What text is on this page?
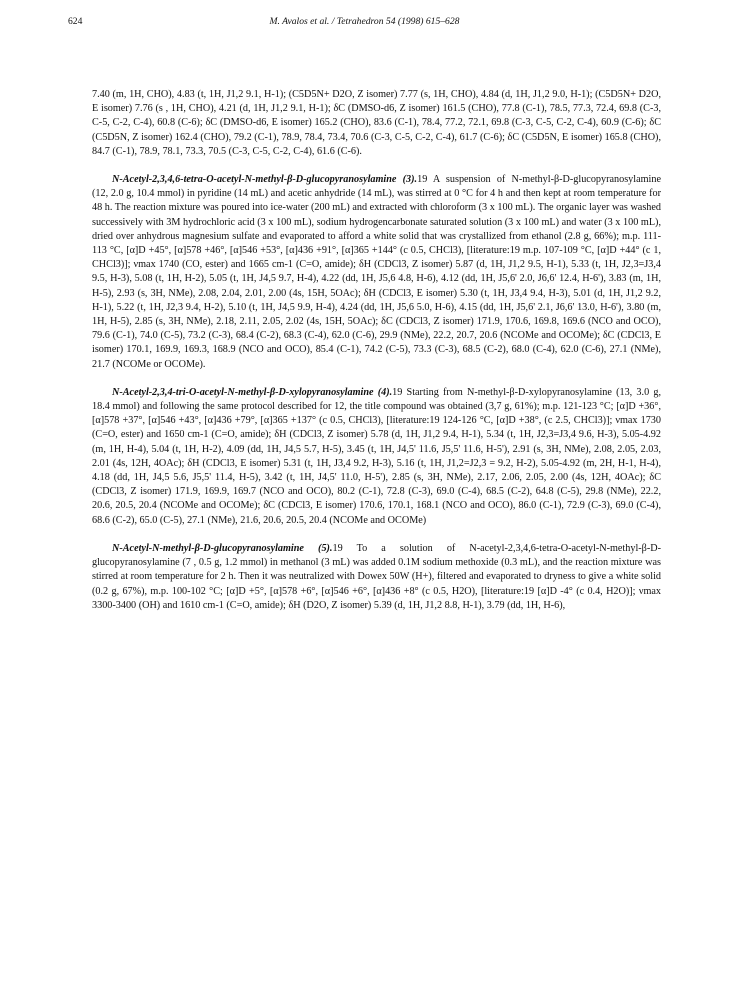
624	M. Avalos et al. / Tetrahedron 54 (1998) 615–628

7.40 (m, 1H, CHO), 4.83 (t, 1H, J1,2 9.1, H-1); (C5D5N+ D2O, Z isomer) 7.77 (s, 1H, CHO), 4.84 (d, 1H, J1,2 9.0, H-1); (C5D5N+ D2O, E isomer) 7.76 (s , 1H, CHO), 4.21 (d, 1H, J1,2 9.1, H-1); δC (DMSO-d6, Z isomer) 161.5 (CHO), 77.8 (C-1), 78.5, 77.3, 72.4, 69.8 (C-3, C-5, C-2, C-4), 60.8 (C-6); δC (DMSO-d6, E isomer) 165.2 (CHO), 83.6 (C-1), 78.4, 77.2, 72.1, 69.8 (C-3, C-5, C-2, C-4), 60.9 (C-6); δC (C5D5N, Z isomer) 162.4 (CHO), 79.2 (C-1), 78.9, 78.4, 73.4, 70.6 (C-3, C-5, C-2, C-4), 61.7 (C-6); δC (C5D5N, E isomer) 165.8 (CHO), 84.7 (C-1), 78.9, 78.1, 73.3, 70.5 (C-3, C-5, C-2, C-4), 61.6 (C-6).

N-Acetyl-2,3,4,6-tetra-O-acetyl-N-methyl-β-D-glucopyranosylamine (3).19 A suspension of N-methyl-β-D-glucopyranosylamine (12, 2.0 g, 10.4 mmol) in pyridine (14 mL) and acetic anhydride (14 mL), was stirred at 0 °C for 4 h and then kept at room temperature for 48 h. The reaction mixture was poured into ice-water (200 mL) and extracted with chloroform (3 x 100 mL). The organic layer was washed successively with 3M hydrochloric acid (3 x 100 mL), sodium hydrogencarbonate saturated solution (3 x 100 mL) and water (3 x 100 mL), dried over anhydrous magnesium sulfate and evaporated to afford a white solid that was crystallized from ethanol (2.8 g, 66%); m.p. 111-113 °C, [α]D +45°, [α]578 +46°, [α]546 +53°, [α]436 +91°, [α]365 +144° (c 0.5, CHCl3), [literature:19 m.p. 107-109 °C, [α]D +44° (c 1, CHCl3)]; νmax 1740 (CO, ester) and 1665 cm-1 (C=O, amide); δH (CDCl3, Z isomer) 5.87 (d, 1H, J1,2 9.5, H-1), 5.33 (t, 1H, J2,3=J3,4 9.5, H-3), 5.08 (t, 1H, H-2), 5.05 (t, 1H, J4,5 9.7, H-4), 4.22 (dd, 1H, J5,6 4.8, H-6), 4.12 (dd, 1H, J5,6' 2.0, J6,6' 12.4, H-6'), 3.83 (m, 1H, H-5), 2.93 (s, 3H, NMe), 2.08, 2.04, 2.01, 2.00 (4s, 15H, 5OAc); δH (CDCl3, E isomer) 5.30 (t, 1H, J3,4 9.4, H-3), 5.01 (d, 1H, J1,2 9.2, H-1), 5.22 (t, 1H, J2,3 9.4, H-2), 5.10 (t, 1H, J4,5 9.9, H-4), 4.24 (dd, 1H, J5,6 5.0, H-6), 4.15 (dd, 1H, J5,6' 2.1, J6,6' 13.0, H-6'), 3.80 (m, 1H, H-5), 2.85 (s, 3H, NMe), 2.18, 2.11, 2.05, 2.02 (4s, 15H, 5OAc); δC (CDCl3, Z isomer) 171.9, 170.6, 169.8, 169.6 (NCO and OCO), 79.6 (C-1), 74.0 (C-5), 73.2 (C-3), 68.4 (C-2), 68.3 (C-4), 62.0 (C-6), 29.9 (NMe), 22.2, 20.7, 20.6 (NCOMe and OCOMe); δC (CDCl3, E isomer) 170.1, 169.9, 169.3, 168.9 (NCO and OCO), 85.4 (C-1), 74.2 (C-5), 73.3 (C-3), 68.5 (C-2), 68.0 (C-4), 62.0 (C-6), 27.1 (NMe), 21.7 (NCOMe or OCOMe).

N-Acetyl-2,3,4-tri-O-acetyl-N-methyl-β-D-xylopyranosylamine (4).19 Starting from N-methyl-β-D-xylopyranosylamine (13, 3.0 g, 18.4 mmol) and following the same protocol described for 12, the title compound was obtained (3,7 g, 61%); m.p. 121-123 °C; [α]D +36°, [α]578 +37°, [α]546 +43°, [α]436 +79°, [α]365 +137° (c 0.5, CHCl3), [literature:19 124-126 °C, [α]D +38°, (c 2.5, CHCl3)]; νmax 1730 (C=O, ester) and 1650 cm-1 (C=O, amide); δH (CDCl3, Z isomer) 5.78 (d, 1H, J1,2 9.4, H-1), 5.34 (t, 1H, J2,3=J3,4 9.6, H-3), 5.05-4.92 (m, 1H, H-4), 5.04 (t, 1H, H-2), 4.09 (dd, 1H, J4,5 5.7, H-5), 3.45 (t, 1H, J4,5' 11.6, J5,5' 11.6, H-5'), 2.91 (s, 3H, NMe), 2.08, 2.05, 2.03, 2.01 (4s, 12H, 4OAc); δH (CDCl3, E isomer) 5.31 (t, 1H, J3,4 9.2, H-3), 5.16 (t, 1H, J1,2=J2,3 = 9.2, H-2), 5.05-4.92 (m, 2H, H-1, H-4), 4.18 (dd, 1H, J4,5 5.6, J5,5' 11.4, H-5), 3.42 (t, 1H, J4,5' 11.0, H-5'), 2.85 (s, 3H, NMe), 2.17, 2.06, 2.05, 2.00 (4s, 12H, 4OAc); δC (CDCl3, Z isomer) 171.9, 169.9, 169.7 (NCO and OCO), 80.2 (C-1), 72.8 (C-3), 69.0 (C-4), 68.5 (C-2), 64.8 (C-5), 29.8 (NMe), 22.2, 20.6, 20.5, 20.4 (NCOMe and OCOMe); δC (CDCl3, E isomer) 170.6, 170.1, 168.1 (NCO and OCO), 86.0 (C-1), 72.9 (C-3), 69.0 (C-4), 68.6 (C-2), 65.0 (C-5), 27.1 (NMe), 21.6, 20.6, 20.5, 20.4 (NCOMe and OCOMe)

N-Acetyl-N-methyl-β-D-glucopyranosylamine (5).19 To a solution of N-acetyl-2,3,4,6-tetra-O-acetyl-N-methyl-β-D-glucopyranosylamine (7 , 0.5 g, 1.2 mmol) in methanol (3 mL) was added 0.1M sodium methoxide (0.3 mL), and the reaction mixture was stirred at room temperature for 2 h. Then it was neutralized with Dowex 50W (H+), filtered and evaporated to dryness to give a white solid (0.2 g, 67%), m.p. 100-102 °C; [α]D +5°, [α]578 +6°, [α]546 +6°, [α]436 +8° (c 0.5, H2O), [literature:19 [α]D -4° (c 0.4, H2O)]; νmax 3300-3400 (OH) and 1610 cm-1 (C=O, amide); δH (D2O, Z isomer) 5.39 (d, 1H, J1,2 8.8, H-1), 3.79 (dd, 1H, H-6),
